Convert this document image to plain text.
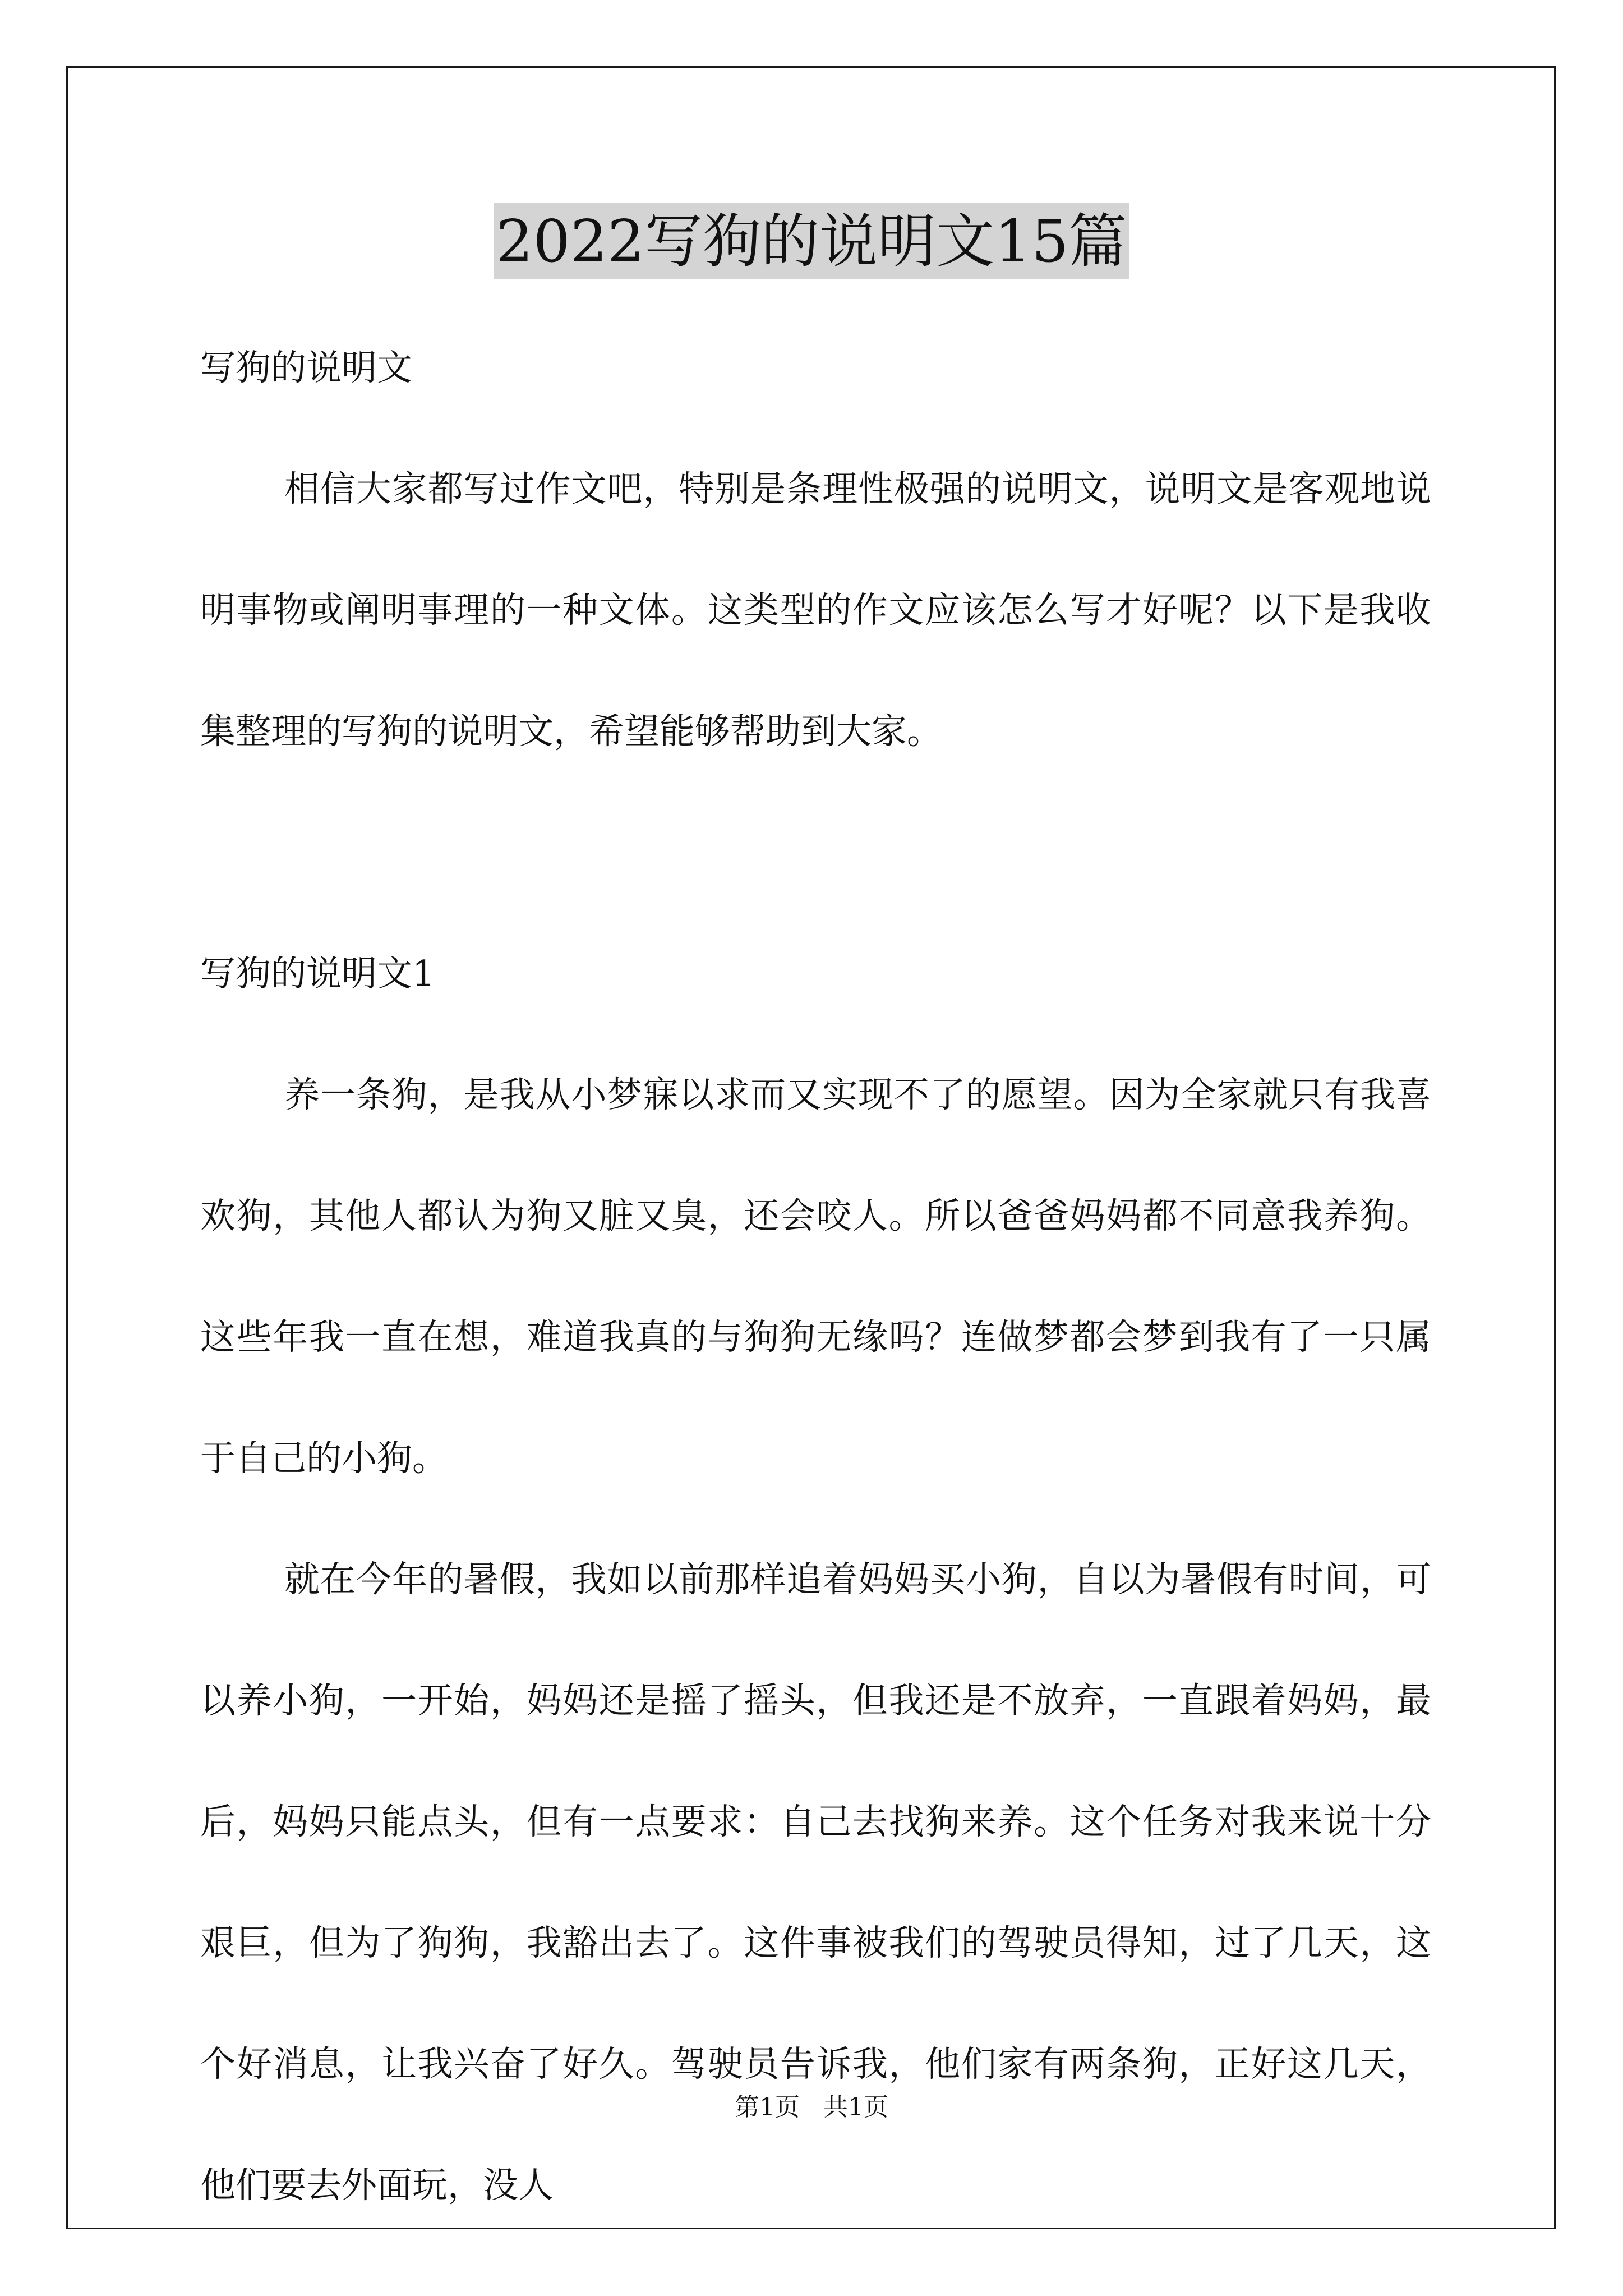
2022写狗的说明文15篇

写狗的说明文

相信大家都写过作文吧，特别是条理性极强的说明文，说明文是客观地说明事物或阐明事理的一种文体。这类型的作文应该怎么写才好呢？以下是我收集整理的写狗的说明文，希望能够帮助到大家。

写狗的说明文1

养一条狗，是我从小梦寐以求而又实现不了的愿望。因为全家就只有我喜欢狗，其他人都认为狗又脏又臭，还会咬人。所以爸爸妈妈都不同意我养狗。这些年我一直在想，难道我真的与狗狗无缘吗？连做梦都会梦到我有了一只属于自己的小狗。

就在今年的暑假，我如以前那样追着妈妈买小狗，自以为暑假有时间，可以养小狗，一开始，妈妈还是摇了摇头，但我还是不放弃，一直跟着妈妈，最后，妈妈只能点头，但有一点要求：自己去找狗来养。这个任务对我来说十分艰巨，但为了狗狗，我豁出去了。这件事被我们的驾驶员得知，过了几天，这个好消息，让我兴奋了好久。驾驶员告诉我，他们家有两条狗，正好这几天，他们要去外面玩，没人

第1页   共1页
